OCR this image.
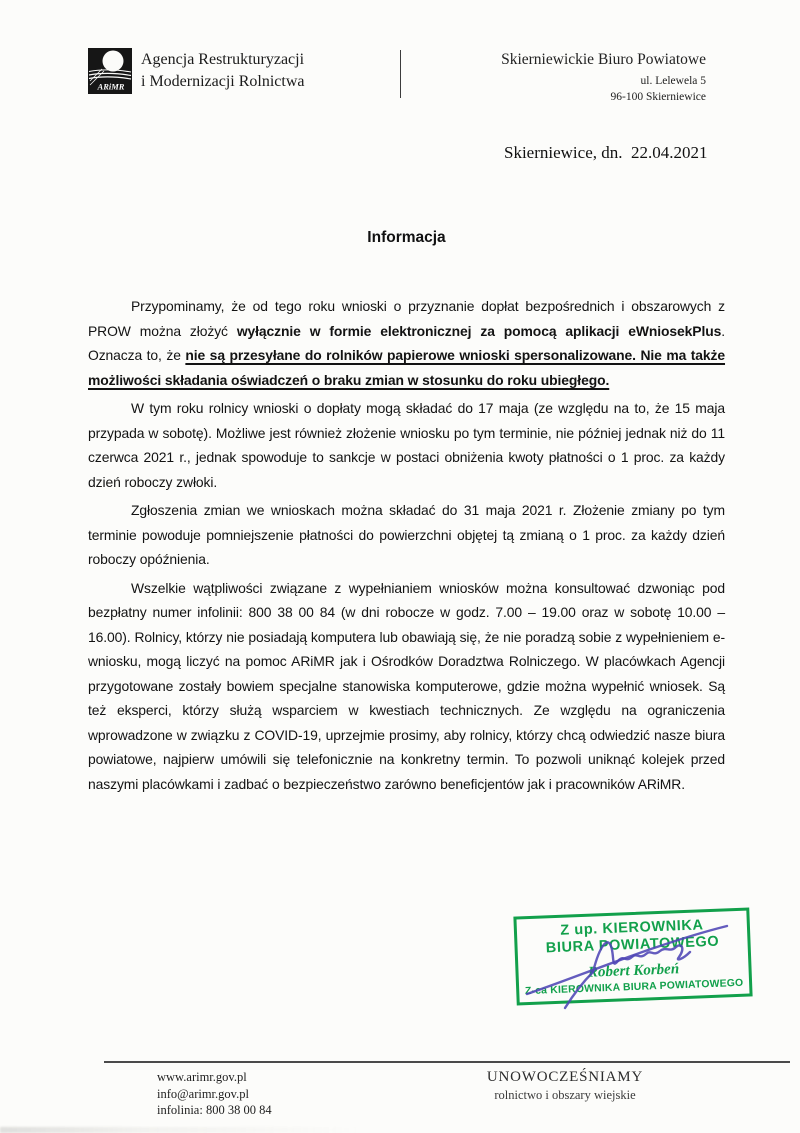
ARiMR
Agencja Restrukturyzacji
i Modernizacji Rolnictwa
Skierniewickie Biuro Powiatowe
ul. Lelewela 5
96-100 Skierniewice
Skierniewice, dn.  22.04.2021
Informacja

Przypominamy, że od tego roku wnioski o przyznanie dopłat bezpośrednich i obszarowych z PROW można złożyć wyłącznie w formie elektronicznej za pomocą aplikacji eWniosekPlus. Oznacza to, że nie są przesyłane do rolników papierowe wnioski spersonalizowane. Nie ma także możliwości składania oświadczeń o braku zmian w stosunku do roku ubiegłego.

W tym roku rolnicy wnioski o dopłaty mogą składać do 17 maja (ze względu na to, że 15 maja przypada w sobotę). Możliwe jest również złożenie wniosku po tym terminie, nie później jednak niż do 11 czerwca 2021 r., jednak spowoduje to sankcje w postaci obniżenia kwoty płatności o 1 proc. za każdy dzień roboczy zwłoki.

Zgłoszenia zmian we wnioskach można składać do 31 maja 2021 r. Złożenie zmiany po tym terminie powoduje pomniejszenie płatności do powierzchni objętej tą zmianą o 1 proc. za każdy dzień roboczy opóźnienia.

Wszelkie wątpliwości związane z wypełnianiem wniosków można konsultować dzwoniąc pod bezpłatny numer infolinii: 800 38 00 84 (w dni robocze w godz. 7.00 – 19.00 oraz w sobotę 10.00 – 16.00). Rolnicy, którzy nie posiadają komputera lub obawiają się, że nie poradzą sobie z wypełnieniem e-wniosku, mogą liczyć na pomoc ARiMR jak i Ośrodków Doradztwa Rolniczego. W placówkach Agencji przygotowane zostały bowiem specjalne stanowiska komputerowe, gdzie można wypełnić wniosek. Są też eksperci, którzy służą wsparciem w kwestiach technicznych. Ze względu na ograniczenia wprowadzone w związku z COVID-19, uprzejmie prosimy, aby rolnicy, którzy chcą odwiedzić nasze biura powiatowe, najpierw umówili się telefonicznie na konkretny termin. To pozwoli uniknąć kolejek przed naszymi placówkami i zadbać o bezpieczeństwo zarówno beneficjentów jak i pracowników ARiMR.

Z up. KIEROWNIKA
BIURA POWIATOWEGO
Robert Korbeń
Z-ca KIEROWNIKA BIURA POWIATOWEGO
www.arimr.gov.pl
info@arimr.gov.pl
infolinia: 800 38 00 84
UNOWOCZEŚNIAMY
rolnictwo i obszary wiejskie
